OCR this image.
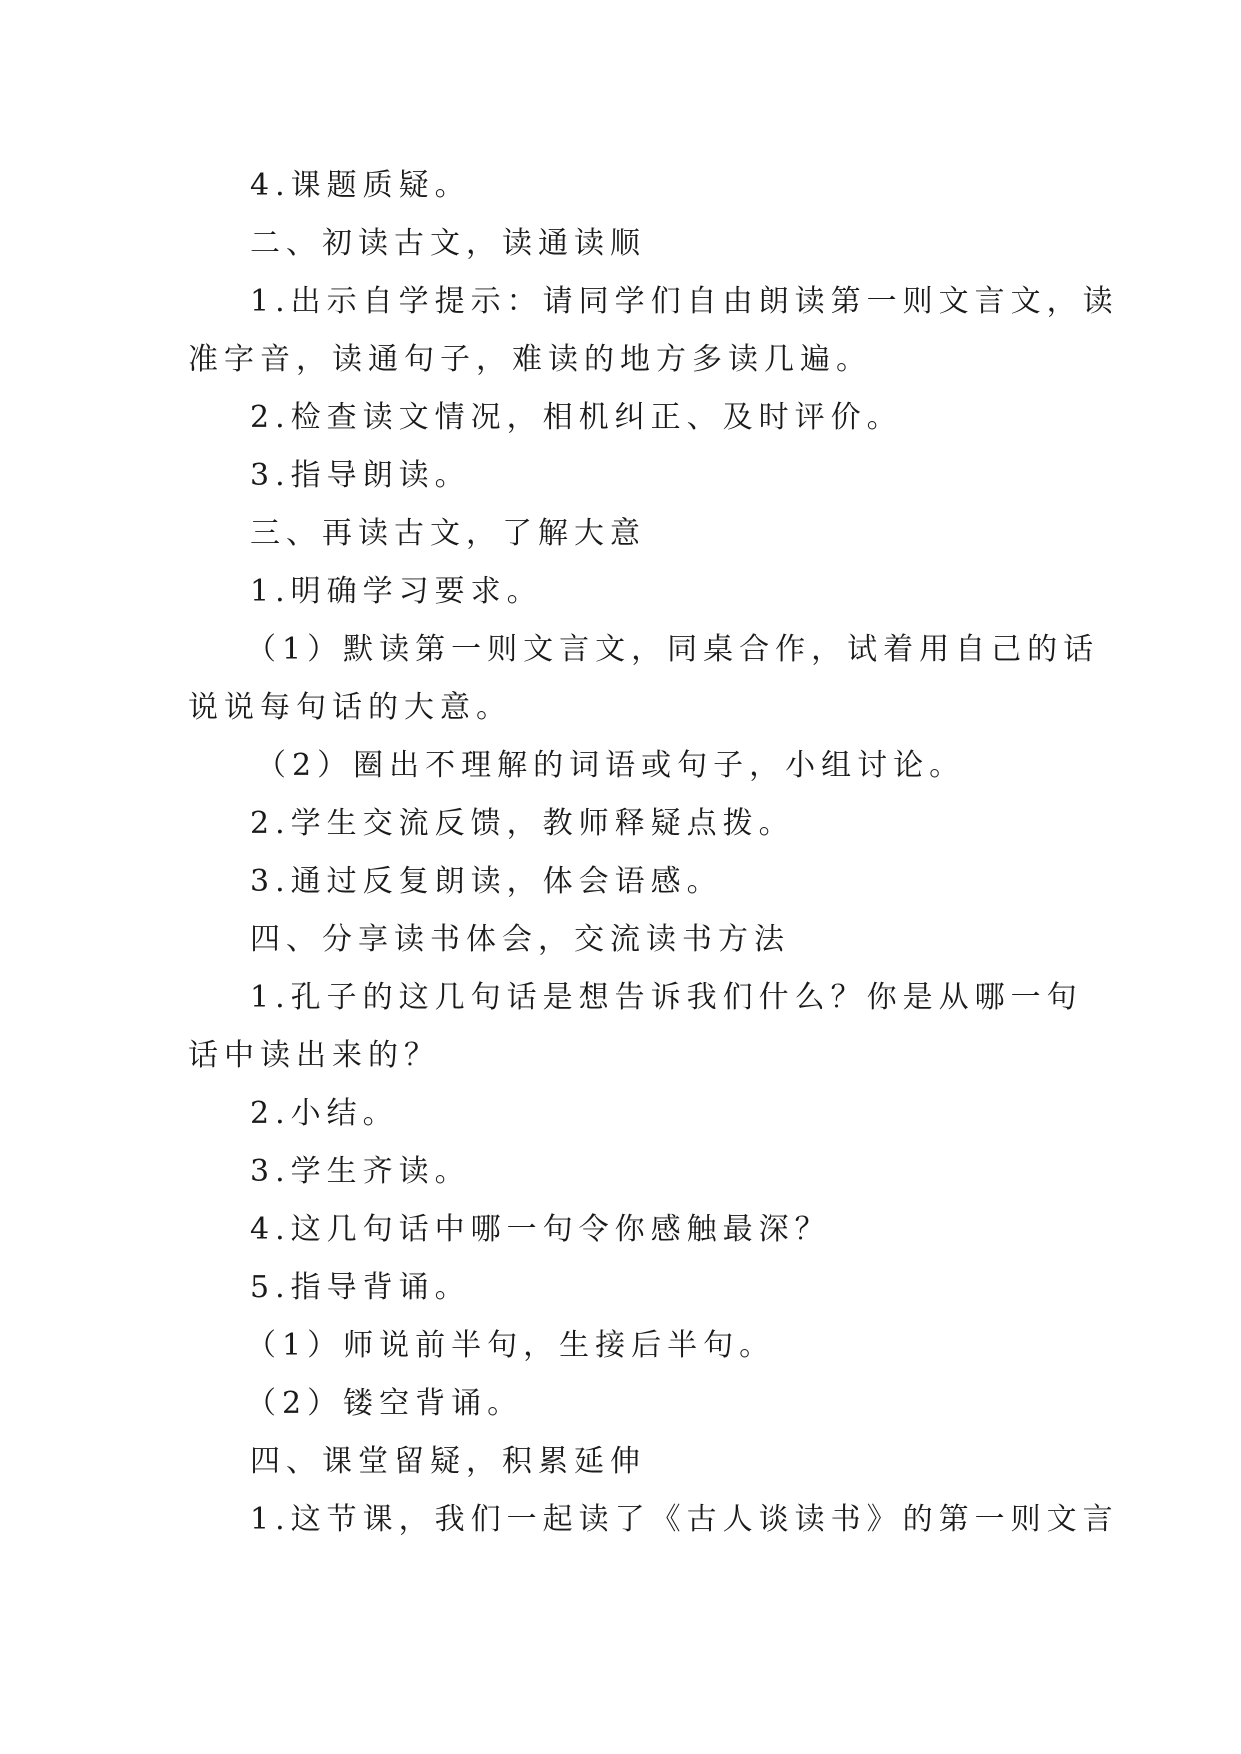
4.课题质疑。
二、初读古文，读通读顺
1.出示自学提示：请同学们自由朗读第一则文言文，读
准字音，读通句子，难读的地方多读几遍。
2.检查读文情况，相机纠正、及时评价。
3.指导朗读。
三、再读古文，了解大意
1.明确学习要求。
（1）默读第一则文言文，同桌合作，试着用自己的话
说说每句话的大意。
（2）圈出不理解的词语或句子，小组讨论。
2.学生交流反馈，教师释疑点拨。
3.通过反复朗读，体会语感。
四、分享读书体会，交流读书方法
1.孔子的这几句话是想告诉我们什么？你是从哪一句
话中读出来的？
2.小结。
3.学生齐读。
4.这几句话中哪一句令你感触最深？
5.指导背诵。
（1）师说前半句，生接后半句。
（2）镂空背诵。
四、课堂留疑，积累延伸
1.这节课，我们一起读了《古人谈读书》的第一则文言
